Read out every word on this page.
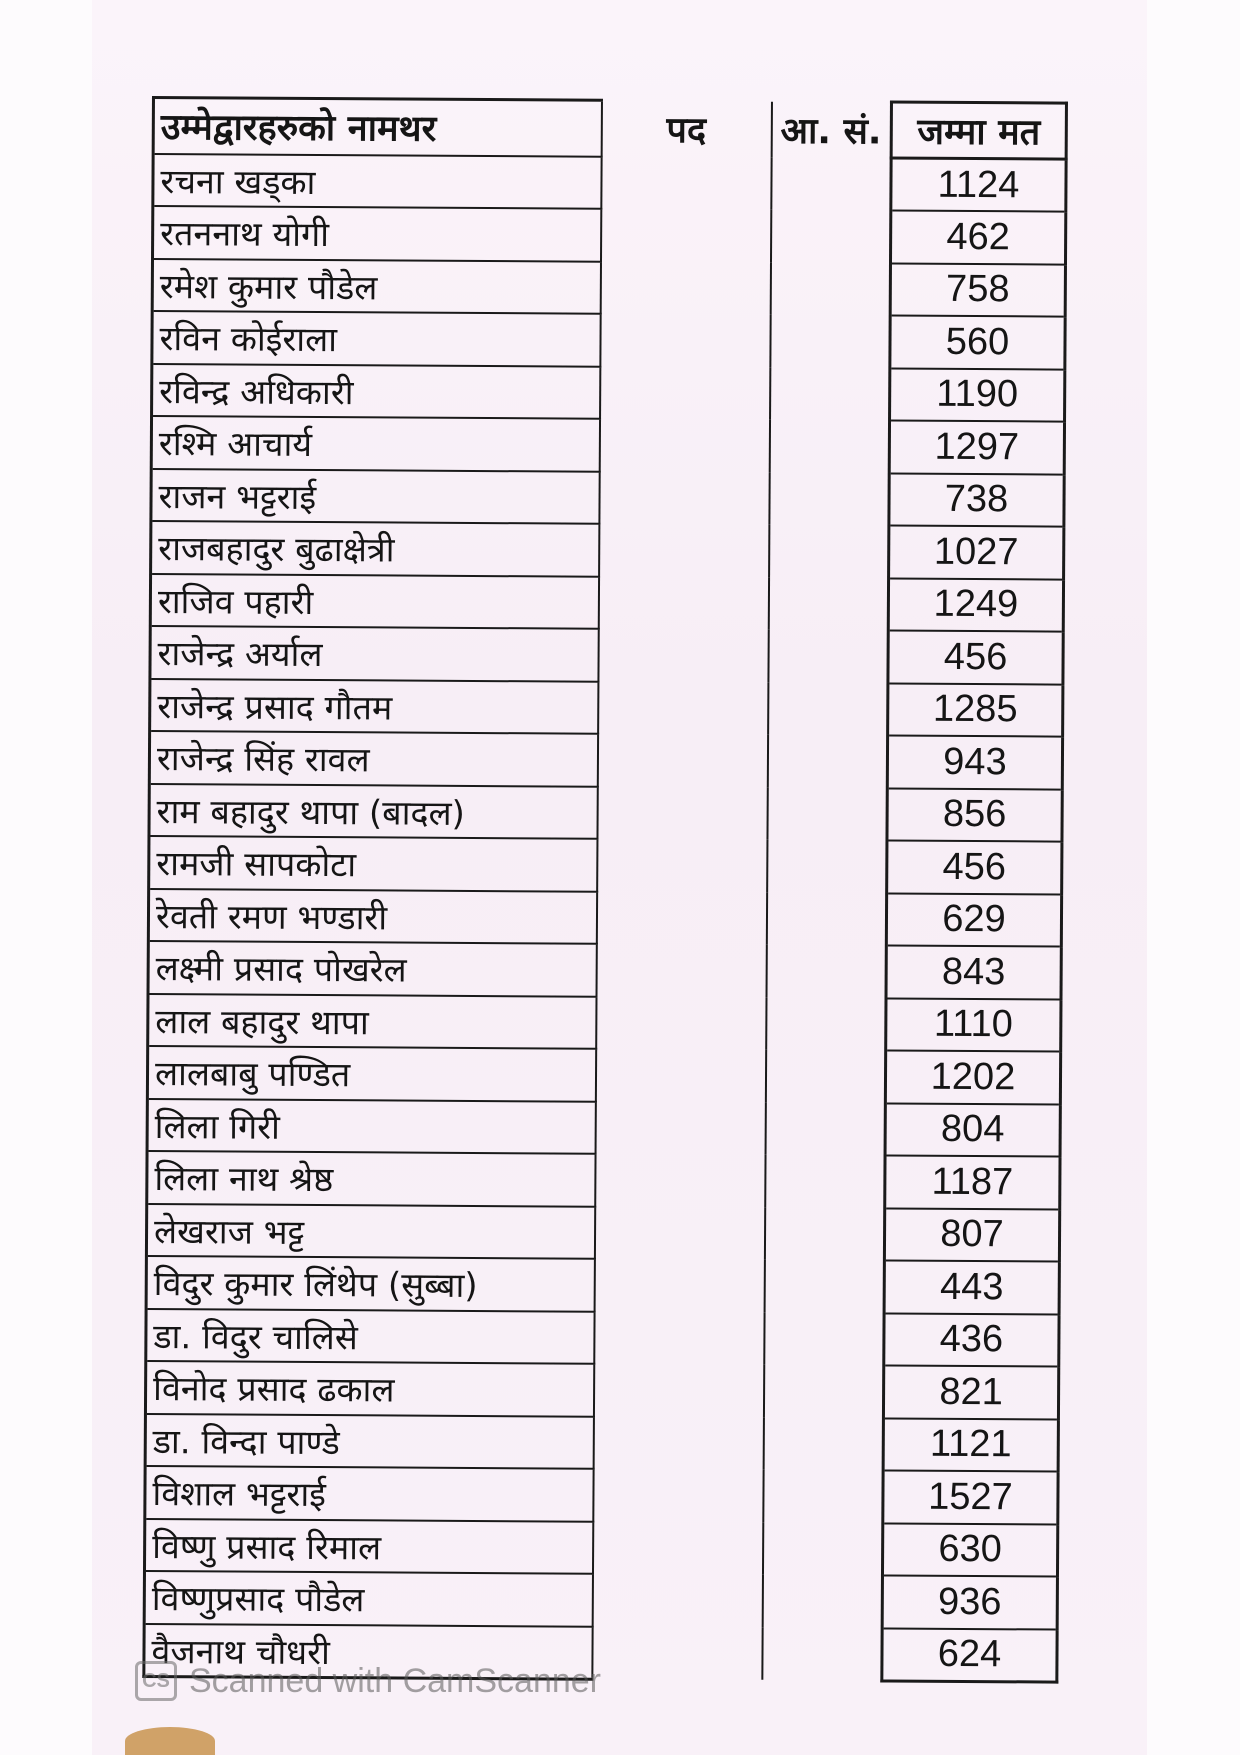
उम्मेद्वारहरुको नामथर	पद	आ. सं.	जम्मा मत
रचना खड्का			1124
रतननाथ योगी			462
रमेश कुमार पौडेल			758
रविन कोईराला			560
रविन्द्र अधिकारी			1190
रश्मि आचार्य			1297
राजन भट्टराई			738
राजबहादुर बुढाक्षेत्री			1027
राजिव पहारी			1249
राजेन्द्र अर्याल			456
राजेन्द्र प्रसाद गौतम			1285
राजेन्द्र सिंह रावल			943
राम बहादुर थापा (बादल)			856
रामजी सापकोटा			456
रेवती रमण भण्डारी			629
लक्ष्मी प्रसाद पोखरेल			843
लाल बहादुर थापा			1110
लालबाबु पण्डित			1202
लिला गिरी			804
लिला नाथ श्रेष्ठ			1187
लेखराज भट्ट			807
विदुर कुमार लिंथेप (सुब्बा)			443
डा. विदुर चालिसे			436
विनोद प्रसाद ढकाल			821
डा. विन्दा पाण्डे			1121
विशाल भट्टराई			1527
विष्णु प्रसाद रिमाल			630
विष्णुप्रसाद पौडेल			936
वैजनाथ चौधरी			624
CS Scanned with CamScanner
